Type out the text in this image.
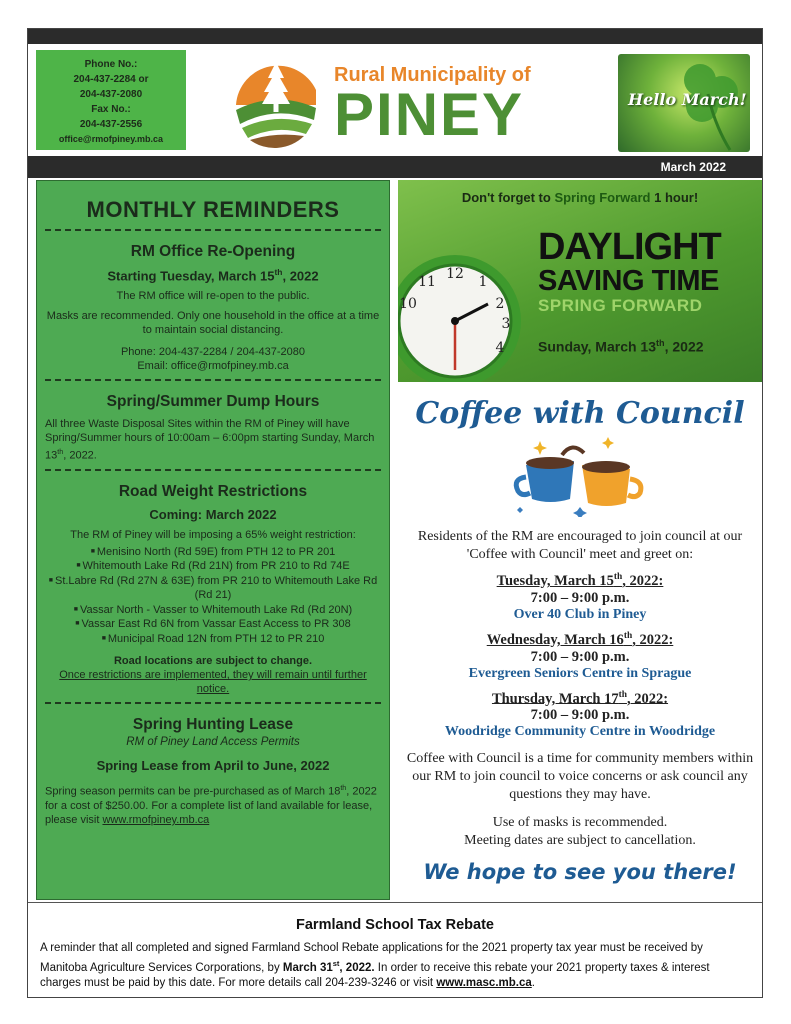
Phone No.:
204-437-2284 or
204-437-2080
Fax No.:
204-437-2556
office@rmofpiney.mb.ca
Rural Municipality of
PINEY	Hello March!
March 2022
MONTHLY REMINDERS
RM Office Re-Opening
Starting Tuesday, March 15th, 2022
The RM office will re-open to the public.
Masks are recommended. Only one household in the office at a time to maintain social distancing.
Phone: 204-437-2284 / 204-437-2080
Email: office@rmofpiney.mb.ca
Spring/Summer Dump Hours
All three Waste Disposal Sites within the RM of Piney will have Spring/Summer hours of 10:00am – 6:00pm starting Sunday, March 13th, 2022.
Road Weight Restrictions
Coming: March 2022
The RM of Piney will be imposing a 65% weight restriction:
■ Menisino North (Rd 59E) from PTH 12 to PR 201
■ Whitemouth Lake Rd (Rd 21N) from PR 210 to Rd 74E
■ St.Labre Rd (Rd 27N & 63E) from PR 210 to Whitemouth Lake Rd (Rd 21)
■ Vassar North - Vasser to Whitemouth Lake Rd (Rd 20N)
■ Vassar East Rd 6N from Vassar East Access to PR 308
■ Municipal Road 12N from PTH 12 to PR 210
Road locations are subject to change.
Once restrictions are implemented, they will remain until further notice.
Spring Hunting Lease
RM of Piney Land Access Permits
Spring Lease from April to June, 2022
Spring season permits can be pre-purchased as of March 18th, 2022 for a cost of $250.00. For a complete list of land available for lease, please visit www.rmofpiney.mb.ca
Don't forget to Spring Forward 1 hour!
12 1
2
3
4
11
10
DAYLIGHT
SAVING TIME
SPRING FORWARD
Sunday, March 13th, 2022
Coffee with Council
Residents of the RM are encouraged to join council at our 'Coffee with Council' meet and greet on:
Tuesday, March 15th, 2022:
7:00 – 9:00 p.m.
Over 40 Club in Piney
Wednesday, March 16th, 2022:
7:00 – 9:00 p.m.
Evergreen Seniors Centre in Sprague
Thursday, March 17th, 2022:
7:00 – 9:00 p.m.
Woodridge Community Centre in Woodridge
Coffee with Council is a time for community members within our RM to join council to voice concerns or ask council any questions they may have.
Use of masks is recommended.
Meeting dates are subject to cancellation.
We hope to see you there!
Farmland School Tax Rebate
A reminder that all completed and signed Farmland School Rebate applications for the 2021 property tax year must be received by Manitoba Agriculture Services Corporations, by March 31st, 2022. In order to receive this rebate your 2021 property taxes & interest charges must be paid by this date. For more details call 204-239-3246 or visit www.masc.mb.ca.
